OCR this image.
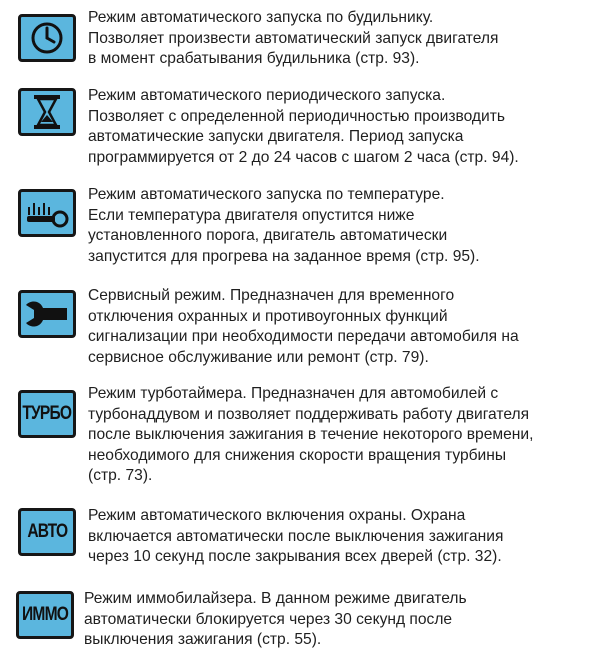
Режим автоматического запуска по будильнику.
Позволяет произвести автоматический запуск двигателя
в момент срабатывания будильника (стр. 93).
Режим автоматического периодического запуска.
Позволяет с определенной периодичностью производить
автоматические запуски двигателя. Период запуска
программируется от 2 до 24 часов с шагом 2 часа (стр. 94).
Режим автоматического запуска по температуре.
Если температура двигателя опустится ниже
установленного порога, двигатель автоматически
запустится для прогрева на заданное время (стр. 95).
Сервисный режим. Предназначен для временного
отключения охранных и противоугонных функций
сигнализации при необходимости передачи автомобиля на
сервисное обслуживание или ремонт (стр. 79).
ТУРБО
Режим турботаймера. Предназначен для автомобилей с
турбонаддувом и позволяет поддерживать работу двигателя
после выключения зажигания в течение некоторого времени,
необходимого для снижения скорости вращения турбины
(стр. 73).
АВТО
Режим автоматического включения охраны. Охрана
включается автоматически после выключения зажигания
через 10 секунд после закрывания всех дверей (стр. 32).
ИММО
Режим иммобилайзера. В данном режиме двигатель
автоматически блокируется через 30 секунд после
выключения зажигания (стр. 55).
